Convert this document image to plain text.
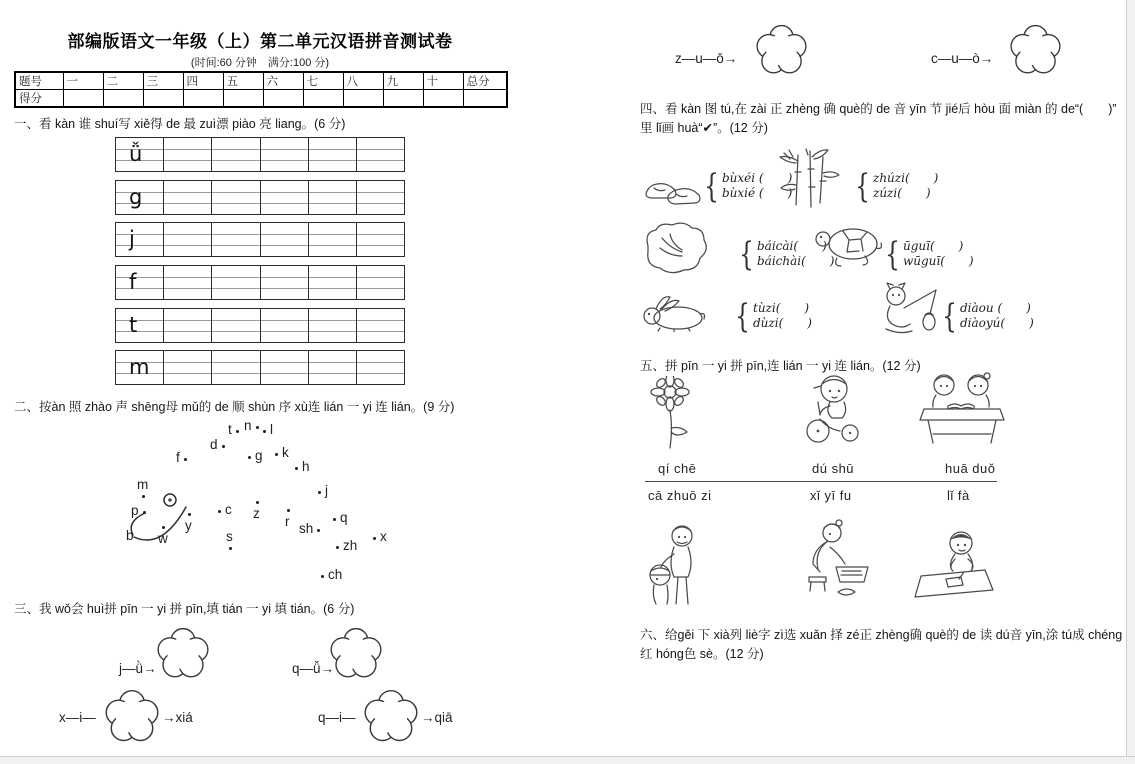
部编版语文一年级（上）第二单元汉语拼音测试卷
(时间:60 分钟　满分:100 分)
题号	一	二	三	四	五	六	七	八	九	十	总分
得分											
一、看 kàn 谁 shuí写 xiě得 de 最 zuì漂 piào 亮 liang。(6 分)
ǚ
g
j
f
t
m
二、按àn 照 zhào 声 shēng母 mǔ的 de 顺 shùn 序 xù连 lián 一 yi 连 lián。(9 分)
t n	l
d
g	k
f
h
m	j
p	c z
r	q
y	sh
b w	s
zh
x
ch
三、我 wǒ会 huì拼 pīn 一 yi 拼 pīn,填 tián 一 yi 填 tián。(6 分)
j—ǜ→	q—ǚ→
x—i—	→xiá	q—i—	→qiā
z—u—ǒ→	c—u—ò→
四、看 kàn 图 tú,在 zài 正 zhèng 确 què的 de 音 yīn 节 jié后 hòu 面 miàn 的 de“(　　)”
里 lǐ画 huà“✔”。(12 分)
{ bùxéi (　　)
bùxié (　　) { zhúzi(　　)
zúzi(　　)
{ báicài(　　)
báichài(　　) { ūguī(　　)
wūguī(　　)
{ tùzi(　　)
dùzi(　　)	{ diàou (　　)
diàoyú(　　)
五、拼 pīn 一 yi 拼 pīn,连 lián 一 yi 连 lián。(12 分)
qí chē	dú shū	huā duǒ
cā zhuō zi	xǐ yī fu	lǐ fà
六、给gěi 下 xià列 liè字 zì选 xuǎn 择 zé正 zhèng确 què的 de 读 dú音 yīn,涂 tú成 chéng
红 hóng色 sè。(12 分)
